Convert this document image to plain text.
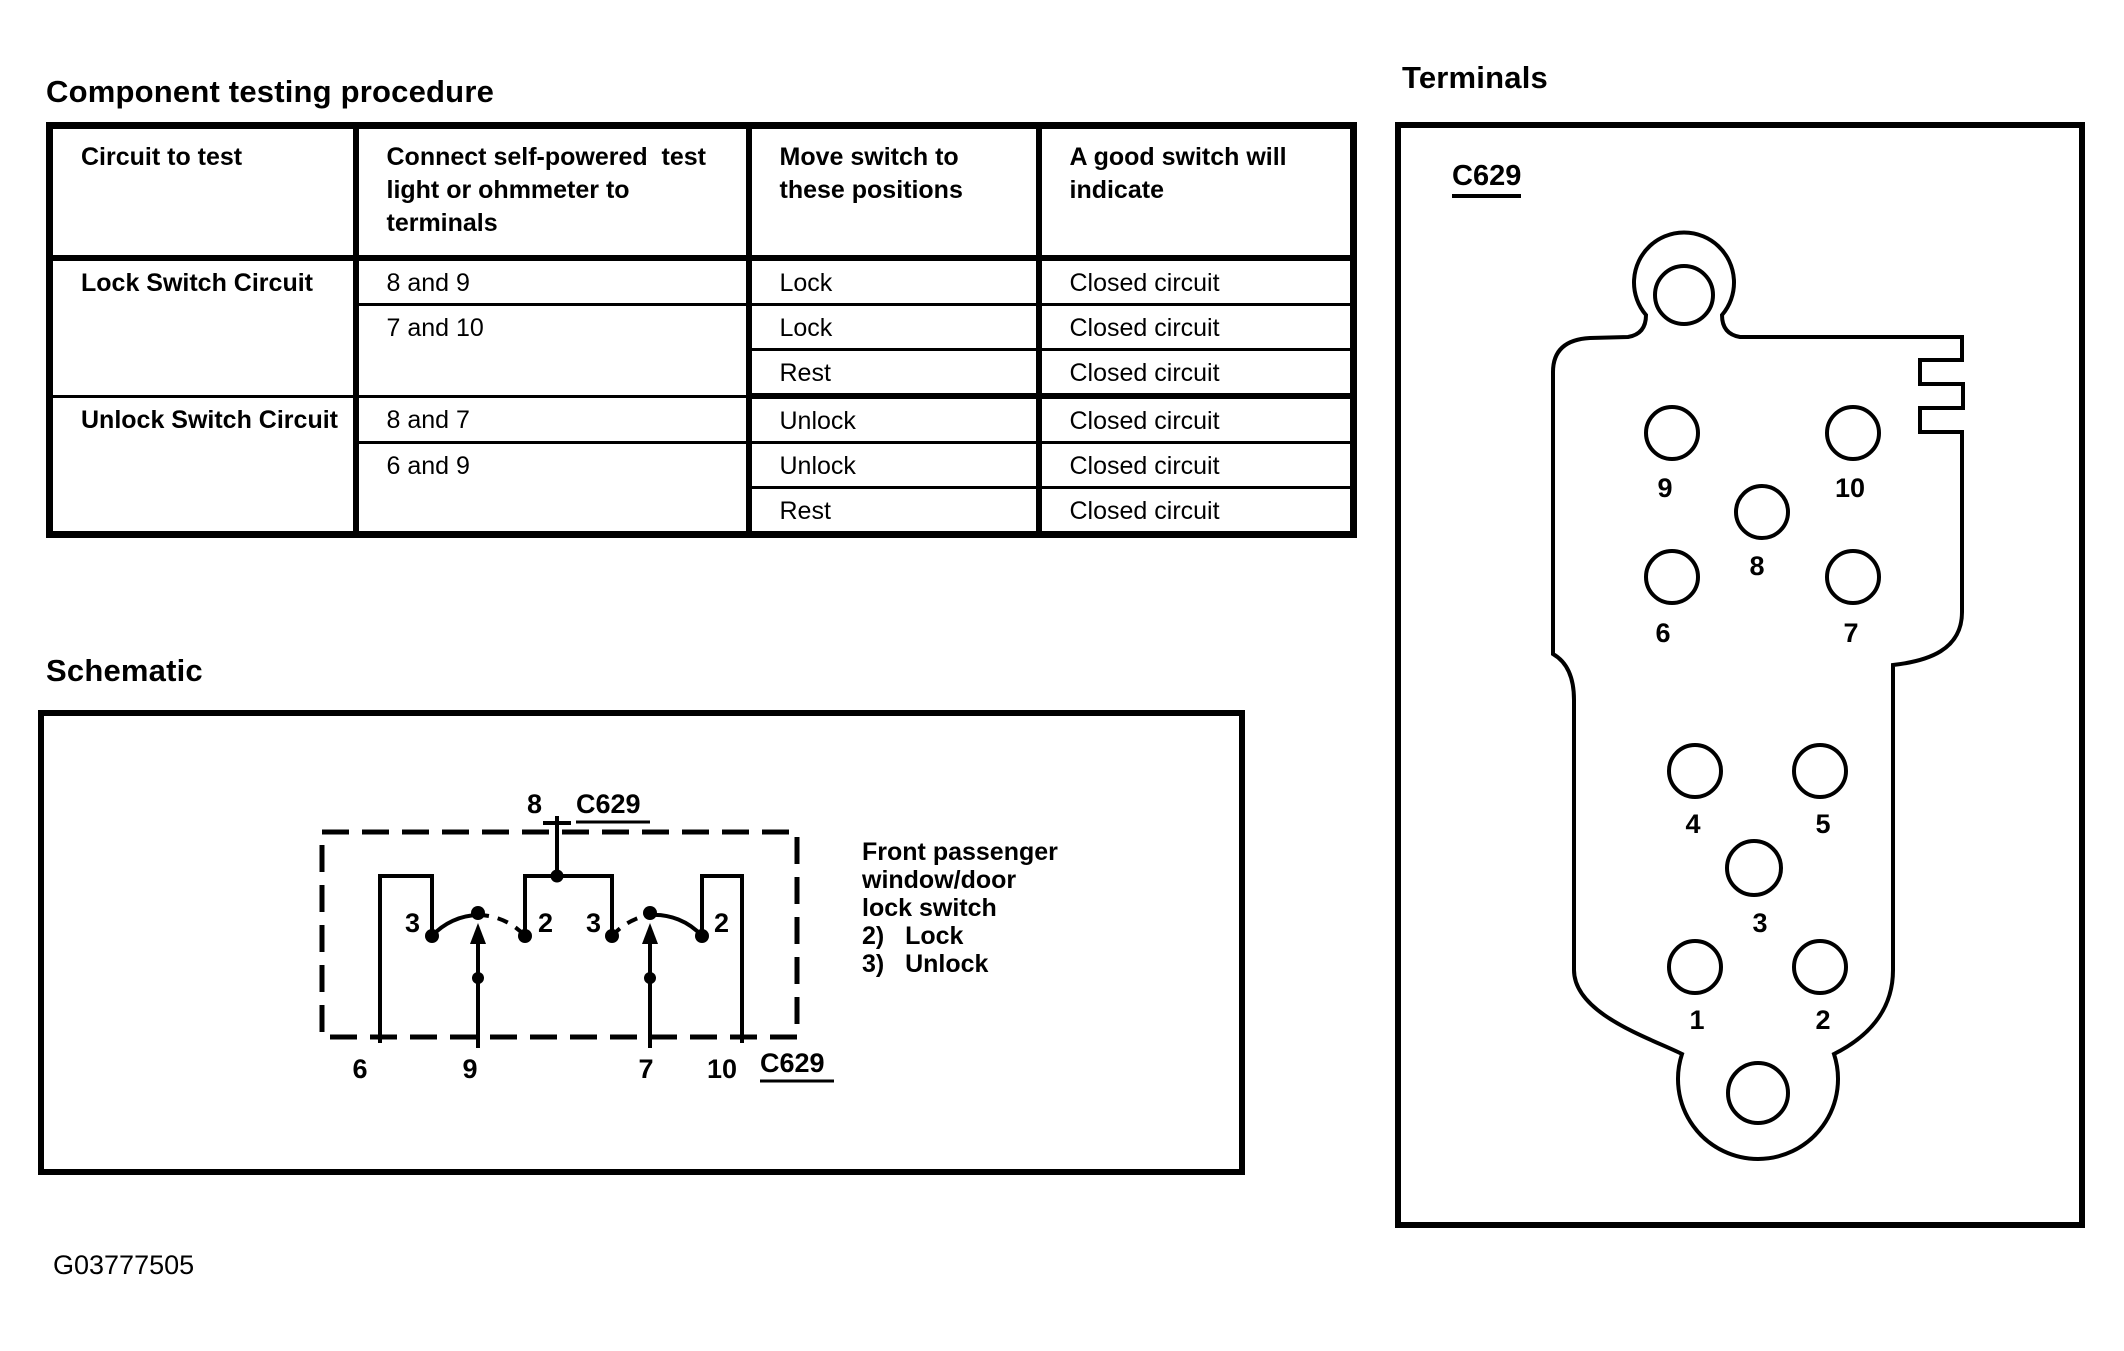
Component testing procedure
Circuit to test	Connect self-powered  test light or ohmmeter to terminals	Move switch to these positions	A good switch will indicate
Lock Switch Circuit	8 and 9	Lock	Closed circuit
	7 and 10	Lock	Closed circuit
		Rest	Closed circuit
Unlock Switch Circuit	8 and 7	Unlock	Closed circuit
	6 and 9	Unlock	Closed circuit
		Rest	Closed circuit
Schematic
8 C629
3	2 3	2
6	9	7 10 C629
Front passenger
window/door
lock switch
2)   Lock
3)   Unlock
Terminals
C629
9	10
8
6	7
4	5
3
1	2
G03777505
